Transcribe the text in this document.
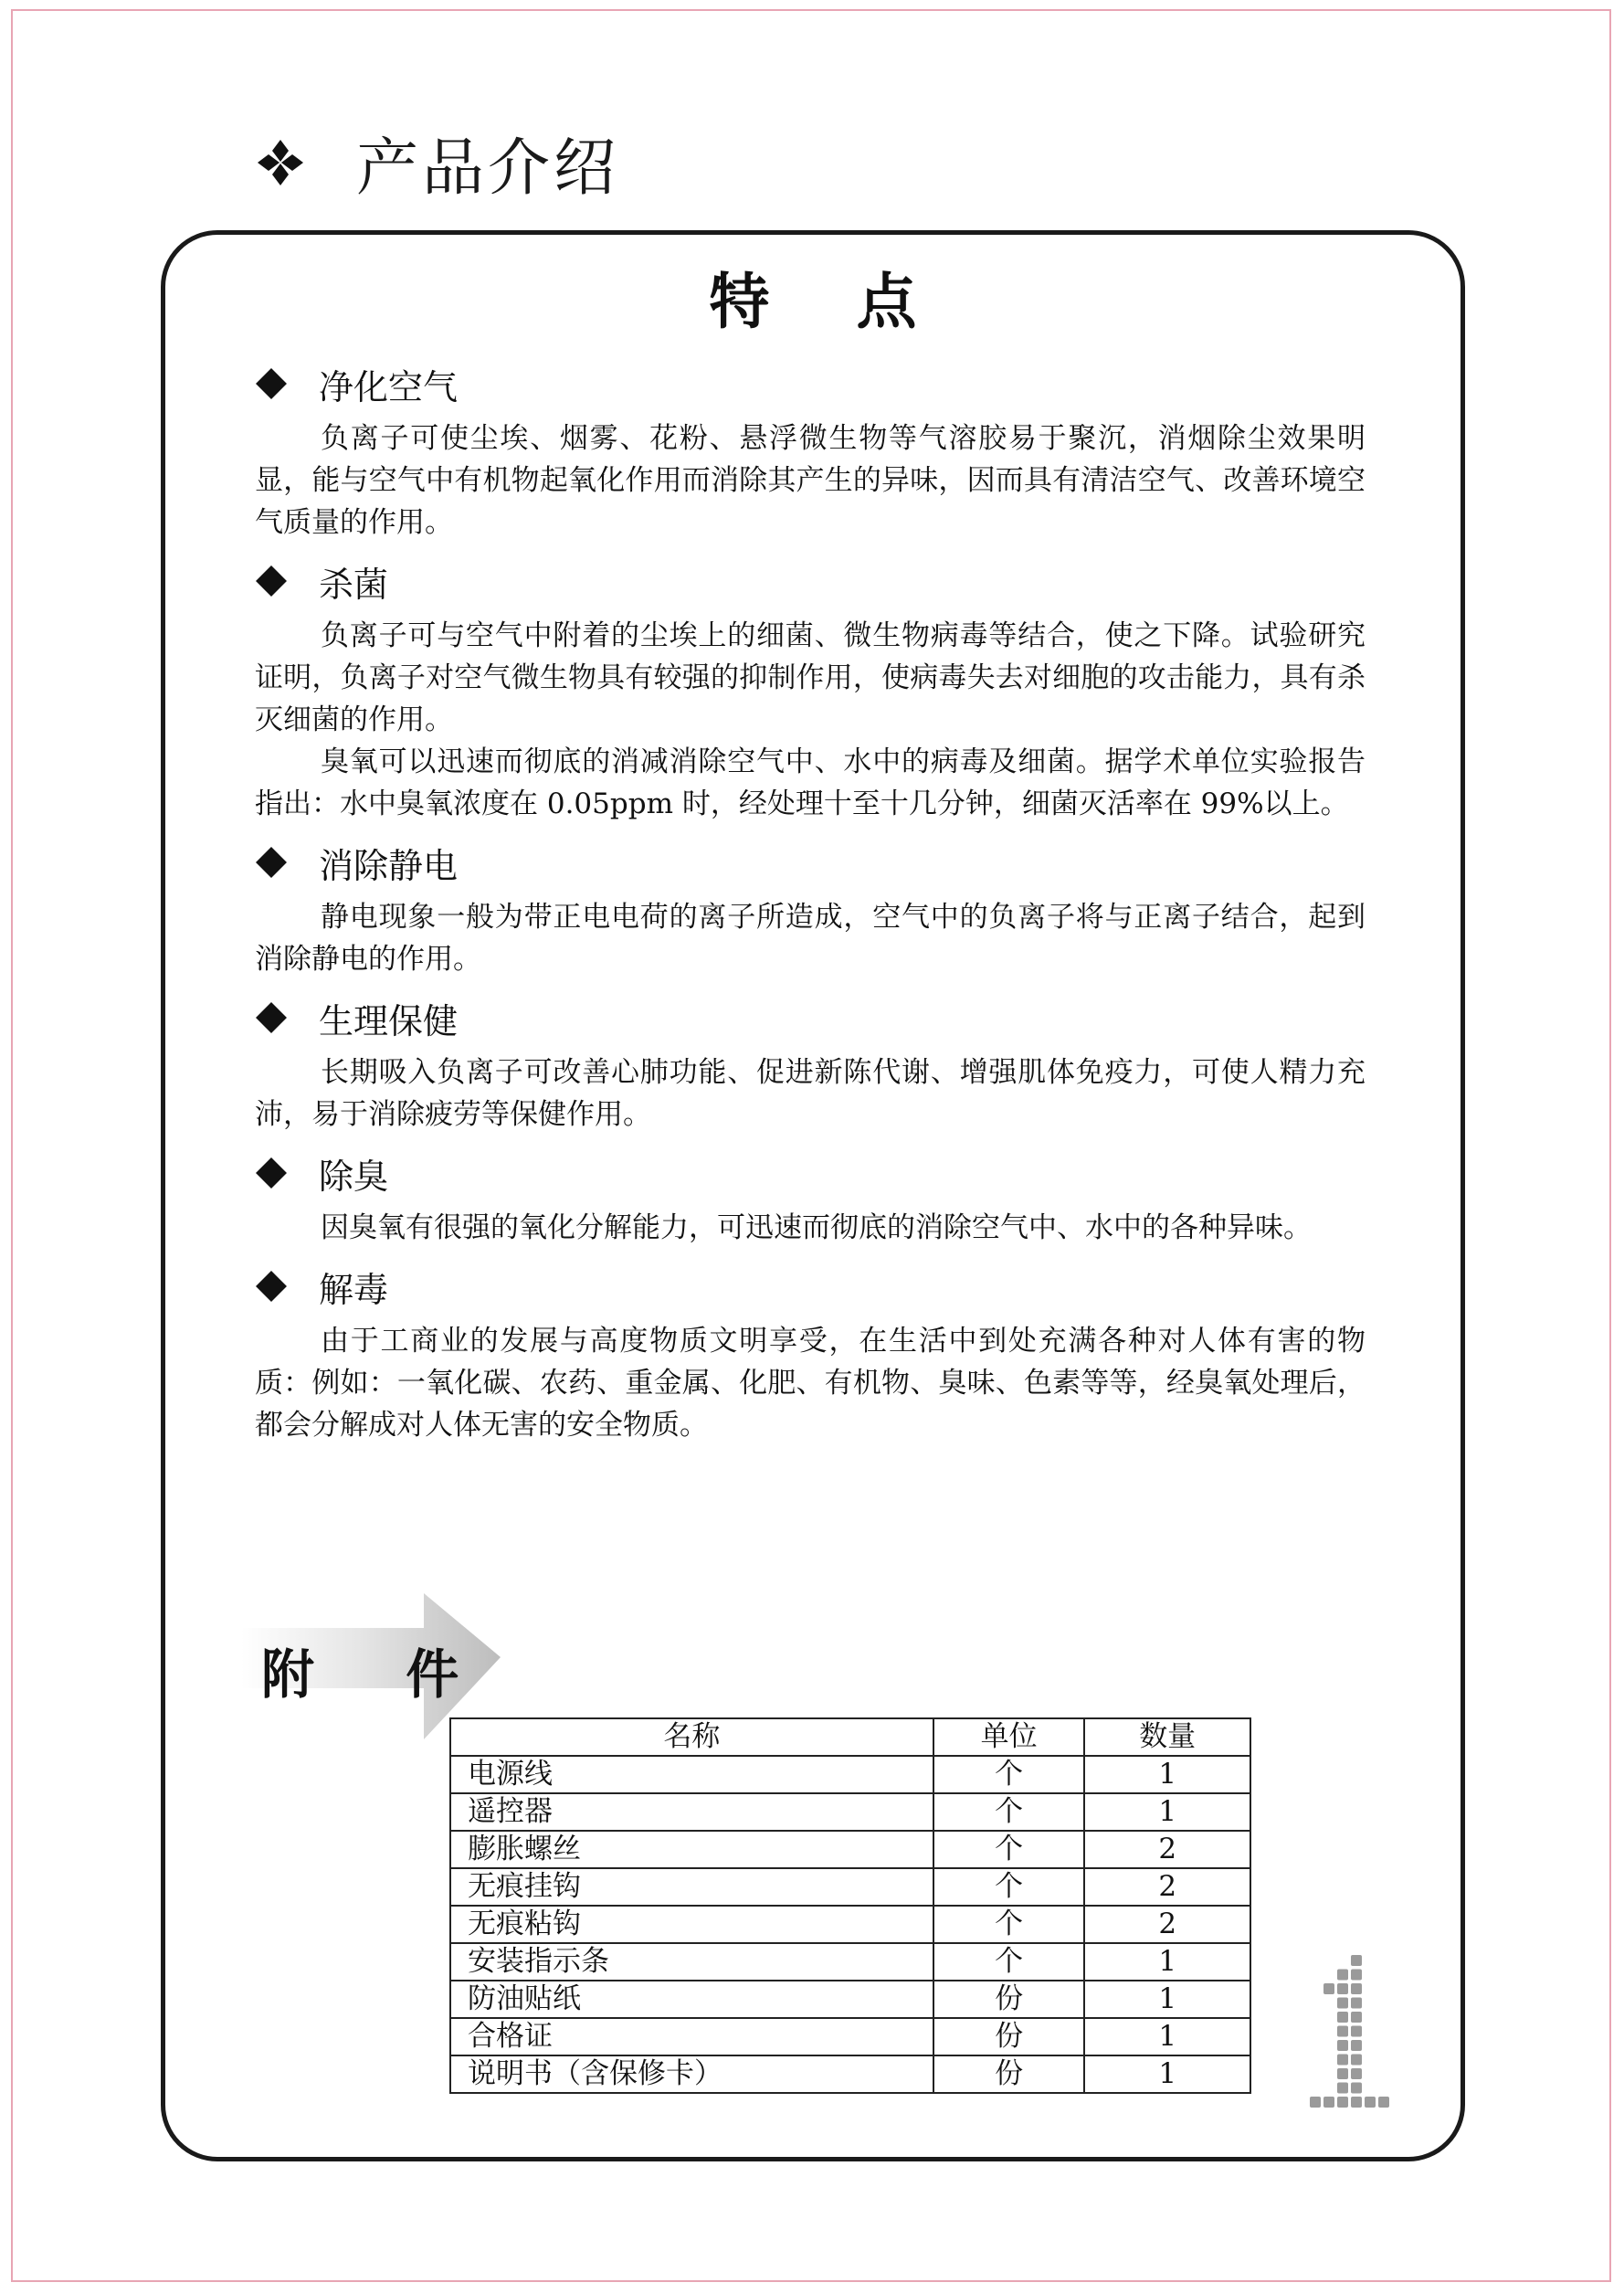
产品介绍
特 点
净化空气

负离子可使尘埃、烟雾、花粉、悬浮微生物等气溶胶易于聚沉，消烟除尘效果明显，能与空气中有机物起氧化作用而消除其产生的异味，因而具有清洁空气、改善环境空气质量的作用。

杀菌

负离子可与空气中附着的尘埃上的细菌、微生物病毒等结合，使之下降。试验研究证明，负离子对空气微生物具有较强的抑制作用，使病毒失去对细胞的攻击能力，具有杀灭细菌的作用。

臭氧可以迅速而彻底的消减消除空气中、水中的病毒及细菌。据学术单位实验报告指出：水中臭氧浓度在 0.05ppm 时，经处理十至十几分钟，细菌灭活率在 99%以上。

消除静电

静电现象一般为带正电电荷的离子所造成，空气中的负离子将与正离子结合，起到消除静电的作用。

生理保健

长期吸入负离子可改善心肺功能、促进新陈代谢、增强肌体免疫力，可使人精力充沛，易于消除疲劳等保健作用。

除臭

因臭氧有很强的氧化分解能力，可迅速而彻底的消除空气中、水中的各种异味。

解毒

由于工商业的发展与高度物质文明享受，在生活中到处充满各种对人体有害的物质：例如：一氧化碳、农药、重金属、化肥、有机物、臭味、色素等等，经臭氧处理后，都会分解成对人体无害的安全物质。

附 件
名称	单位	数量
电源线	个	1
遥控器	个	1
膨胀螺丝	个	2
无痕挂钩	个	2
无痕粘钩	个	2
安装指示条	个	1
防油贴纸	份	1
合格证	份	1
说明书（含保修卡）	份	1
